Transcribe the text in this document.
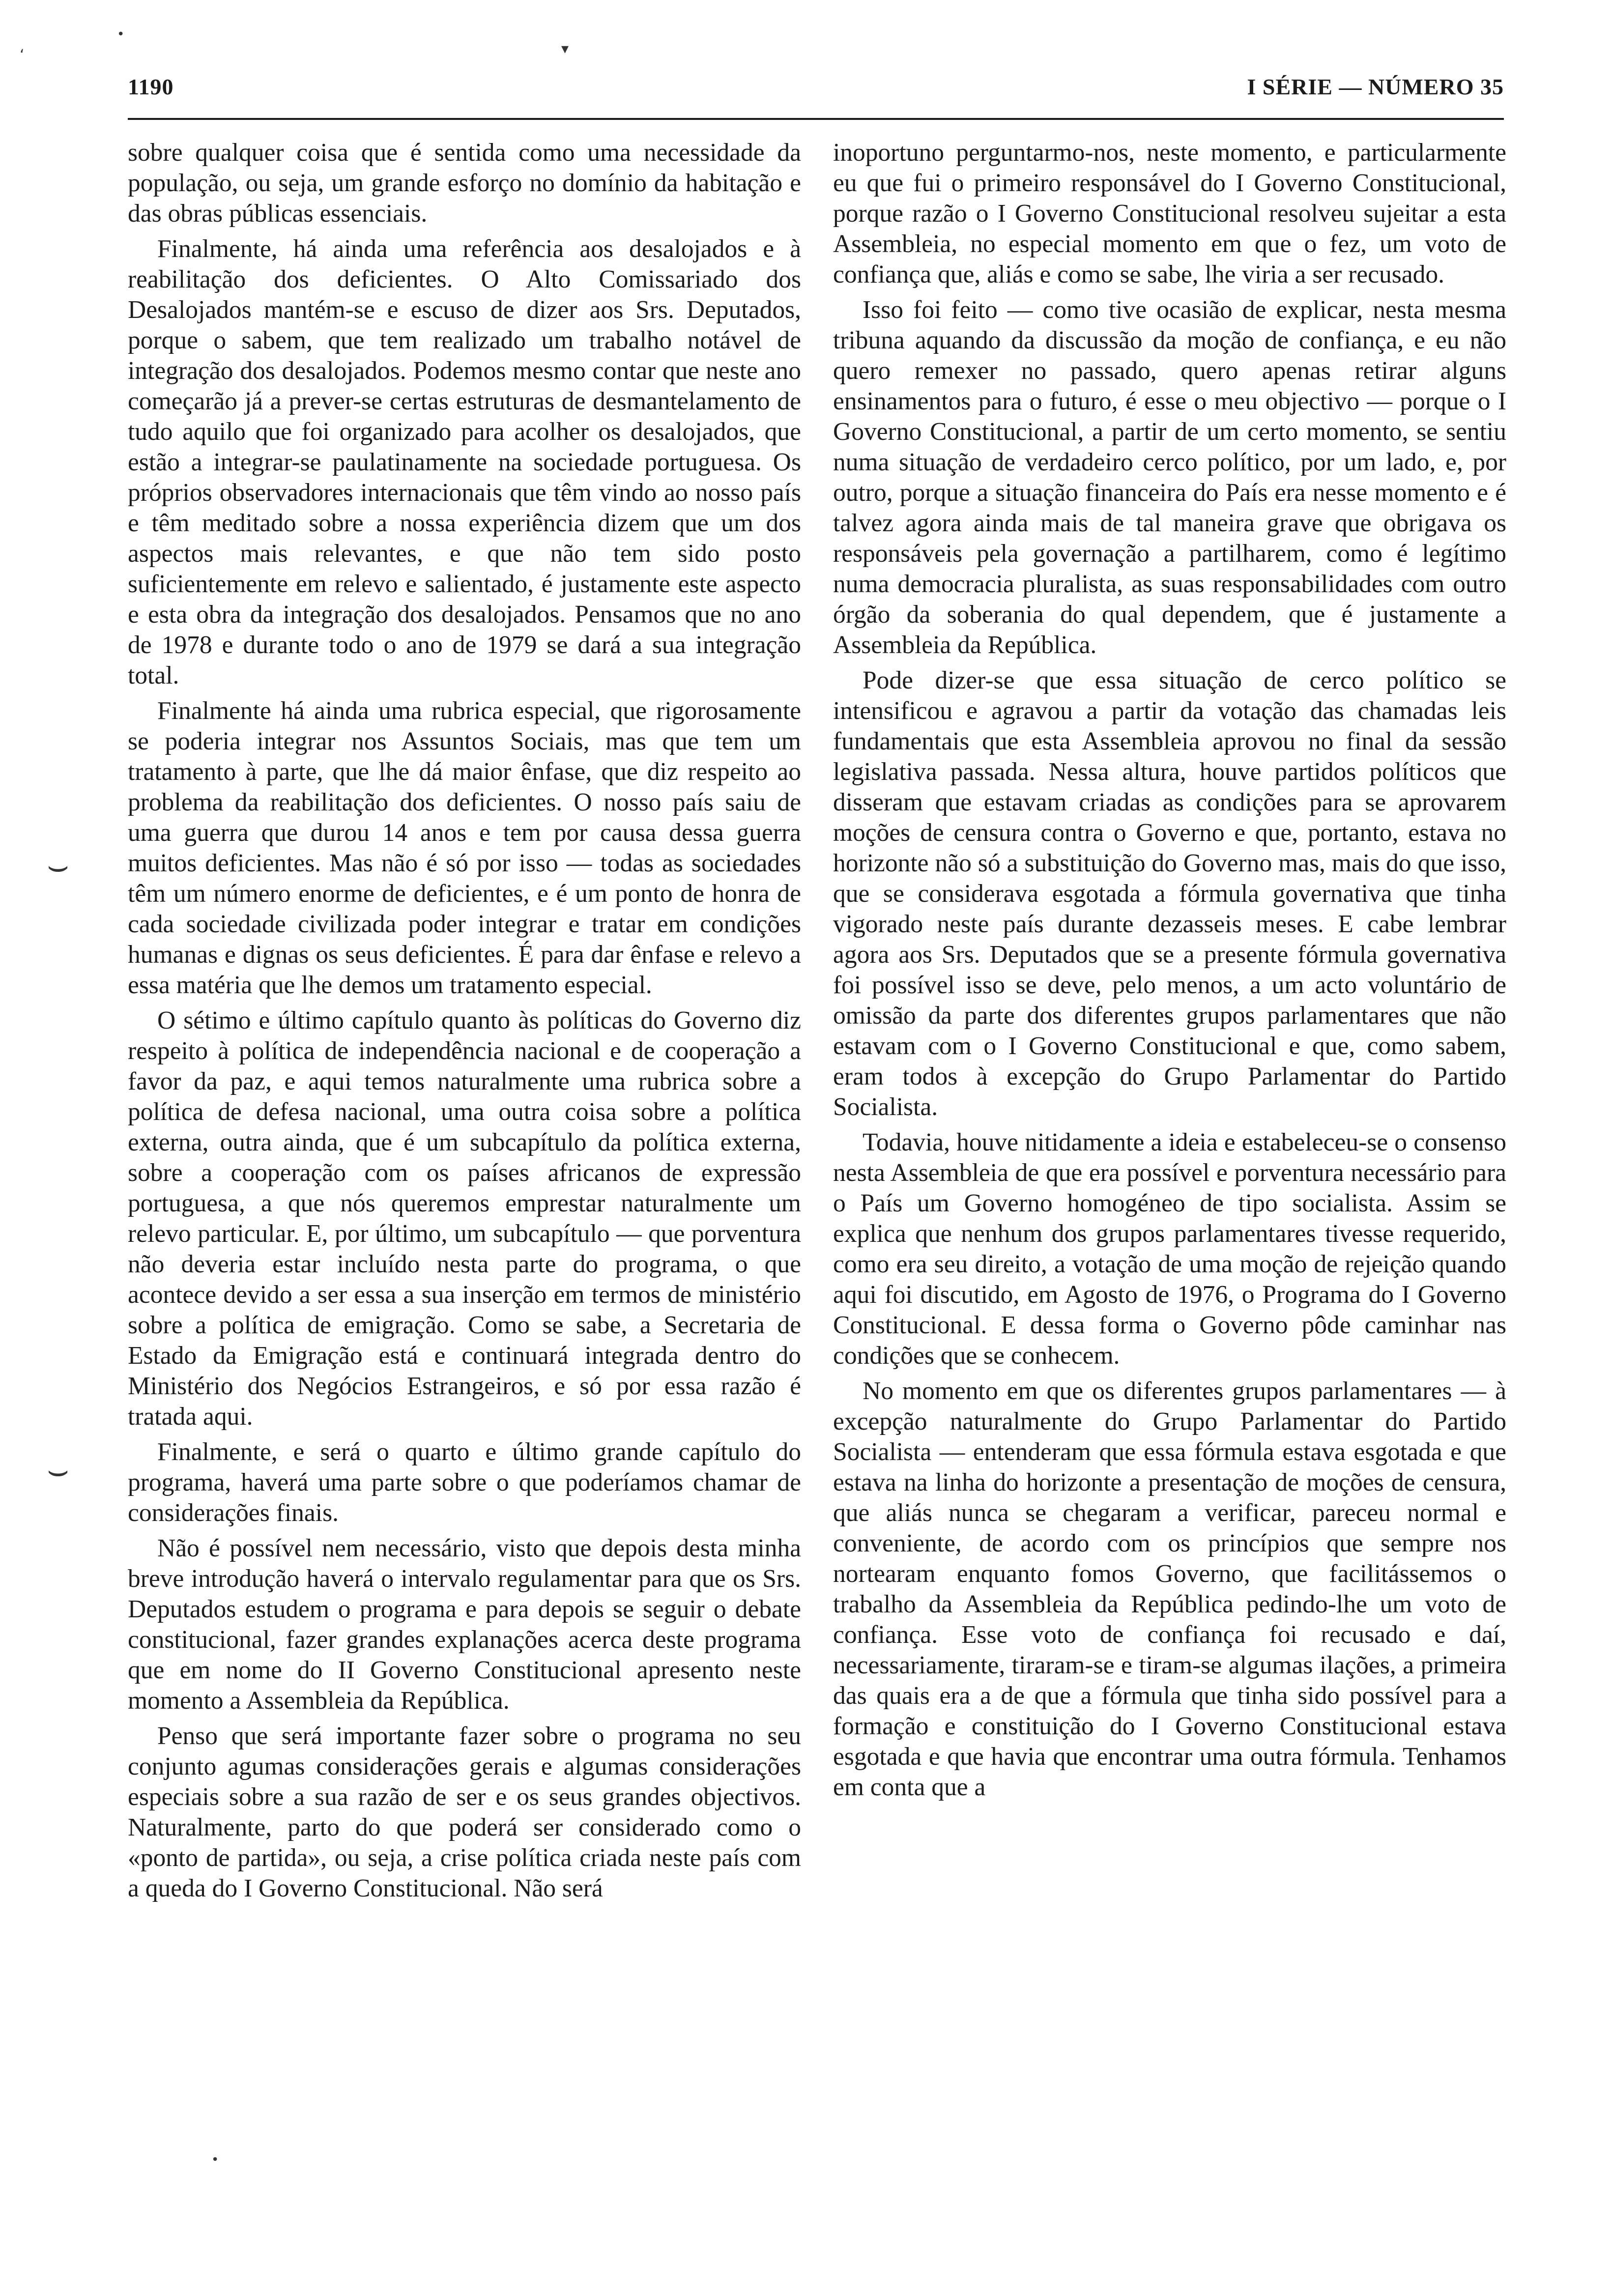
‘
•
▾
•
⌣
⌣
1190	I SÉRIE — NÚMERO 35

sobre qualquer coisa que é sentida como uma necessidade da população, ou seja, um grande esforço no domínio da habitação e das obras públicas essenciais.

Finalmente, há ainda uma referência aos desalojados e à reabilitação dos deficientes. O Alto Comissariado dos Desalojados mantém-se e escuso de dizer aos Srs. Deputados, porque o sabem, que tem realizado um trabalho notável de integração dos desalojados. Podemos mesmo contar que neste ano começarão já a prever-se certas estruturas de desmantelamento de tudo aquilo que foi organizado para acolher os desalojados, que estão a integrar-se paulatinamente na sociedade portuguesa. Os próprios observadores internacionais que têm vindo ao nosso país e têm meditado sobre a nossa experiência dizem que um dos aspectos mais relevantes, e que não tem sido posto suficientemente em relevo e salientado, é justamente este aspecto e esta obra da integração dos desalojados. Pensamos que no ano de 1978 e durante todo o ano de 1979 se dará a sua integração total.

Finalmente há ainda uma rubrica especial, que rigorosamente se poderia integrar nos Assuntos Sociais, mas que tem um tratamento à parte, que lhe dá maior ênfase, que diz respeito ao problema da reabilitação dos deficientes. O nosso país saiu de uma guerra que durou 14 anos e tem por causa dessa guerra muitos deficientes. Mas não é só por isso — todas as sociedades têm um número enorme de deficientes, e é um ponto de honra de cada sociedade civilizada poder integrar e tratar em condições humanas e dignas os seus deficientes. É para dar ênfase e relevo a essa matéria que lhe demos um tratamento especial.

O sétimo e último capítulo quanto às políticas do Governo diz respeito à política de independência nacional e de cooperação a favor da paz, e aqui temos naturalmente uma rubrica sobre a política de defesa nacional, uma outra coisa sobre a política externa, outra ainda, que é um subcapítulo da política externa, sobre a cooperação com os países africanos de expressão portuguesa, a que nós queremos emprestar naturalmente um relevo particular. E, por último, um subcapítulo — que porventura não deveria estar incluído nesta parte do programa, o que acontece devido a ser essa a sua inserção em termos de ministério sobre a política de emigração. Como se sabe, a Secretaria de Estado da Emigração está e continuará integrada dentro do Ministério dos Negócios Estrangeiros, e só por essa razão é tratada aqui.

Finalmente, e será o quarto e último grande capítulo do programa, haverá uma parte sobre o que poderíamos chamar de considerações finais.

Não é possível nem necessário, visto que depois desta minha breve introdução haverá o intervalo regulamentar para que os Srs. Deputados estudem o programa e para depois se seguir o debate constitucional, fazer grandes explanações acerca deste programa que em nome do II Governo Constitucional apresento neste momento a Assembleia da República.

Penso que será importante fazer sobre o programa no seu conjunto agumas considerações gerais e algumas considerações especiais sobre a sua razão de ser e os seus grandes objectivos. Naturalmente, parto do que poderá ser considerado como o «ponto de partida», ou seja, a crise política criada neste país com a queda do I Governo Constitucional. Não será

inoportuno perguntarmo-nos, neste momento, e particularmente eu que fui o primeiro responsável do I Governo Constitucional, porque razão o I Governo Constitucional resolveu sujeitar a esta Assembleia, no especial momento em que o fez, um voto de confiança que, aliás e como se sabe, lhe viria a ser recusado.

Isso foi feito — como tive ocasião de explicar, nesta mesma tribuna aquando da discussão da moção de confiança, e eu não quero remexer no passado, quero apenas retirar alguns ensinamentos para o futuro, é esse o meu objectivo — porque o I Governo Constitucional, a partir de um certo momento, se sentiu numa situação de verdadeiro cerco político, por um lado, e, por outro, porque a situação financeira do País era nesse momento e é talvez agora ainda mais de tal maneira grave que obrigava os responsáveis pela governação a partilharem, como é legítimo numa democracia pluralista, as suas responsabilidades com outro órgão da soberania do qual dependem, que é justamente a Assembleia da República.

Pode dizer-se que essa situação de cerco político se intensificou e agravou a partir da votação das chamadas leis fundamentais que esta Assembleia aprovou no final da sessão legislativa passada. Nessa altura, houve partidos políticos que disseram que estavam criadas as condições para se aprovarem moções de censura contra o Governo e que, portanto, estava no horizonte não só a substituição do Governo mas, mais do que isso, que se considerava esgotada a fórmula governativa que tinha vigorado neste país durante dezasseis meses. E cabe lembrar agora aos Srs. Deputados que se a presente fórmula governativa foi possível isso se deve, pelo menos, a um acto voluntário de omissão da parte dos diferentes grupos parlamentares que não estavam com o I Governo Constitucional e que, como sabem, eram todos à excepção do Grupo Parlamentar do Partido Socialista.

Todavia, houve nitidamente a ideia e estabeleceu-se o consenso nesta Assembleia de que era possível e porventura necessário para o País um Governo homogéneo de tipo socialista. Assim se explica que nenhum dos grupos parlamentares tivesse requerido, como era seu direito, a votação de uma moção de rejeição quando aqui foi discutido, em Agosto de 1976, o Programa do I Governo Constitucional. E dessa forma o Governo pôde caminhar nas condições que se conhecem.

No momento em que os diferentes grupos parlamentares — à excepção naturalmente do Grupo Parlamentar do Partido Socialista — entenderam que essa fórmula estava esgotada e que estava na linha do horizonte a presentação de moções de censura, que aliás nunca se chegaram a verificar, pareceu normal e conveniente, de acordo com os princípios que sempre nos nortearam enquanto fomos Governo, que facilitássemos o trabalho da Assembleia da República pedindo-lhe um voto de confiança. Esse voto de confiança foi recusado e daí, necessariamente, tiraram-se e tiram-se algumas ilações, a primeira das quais era a de que a fórmula que tinha sido possível para a formação e constituição do I Governo Constitucional estava esgotada e que havia que encontrar uma outra fórmula. Tenhamos em conta que a
